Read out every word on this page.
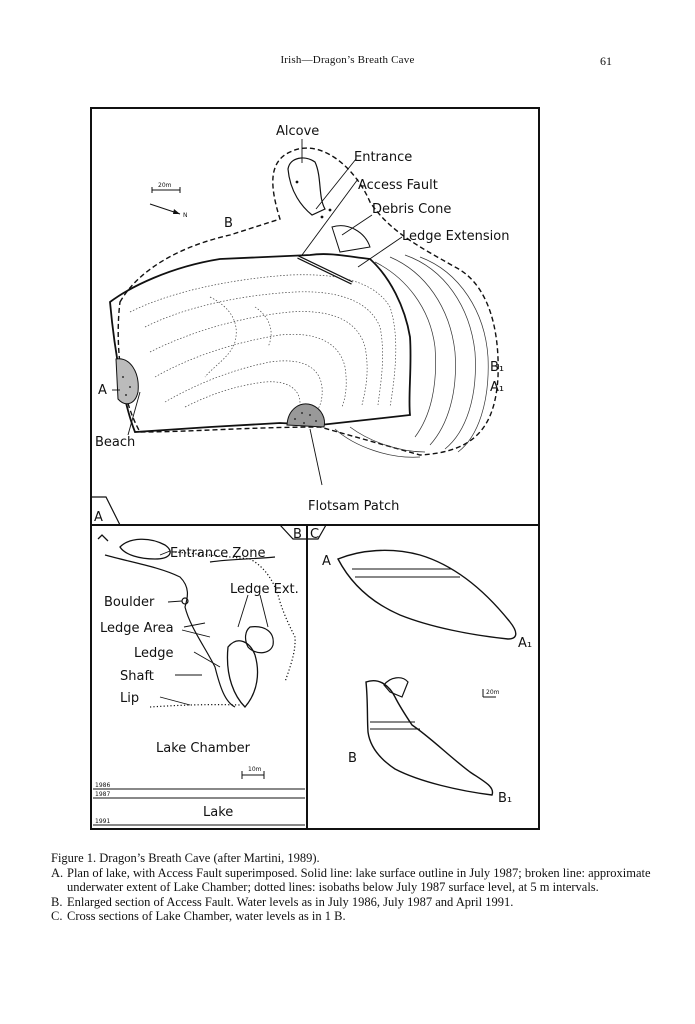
Irish—Dragon’s Breath Cave	61
20m
N
Alcove
Entrance
Access Fault
Debris Cone
Ledge Extension
B
B₁
A₁
A
Beach
Flotsam Patch
A
B
Entrance Zone
Ledge Ext.
Boulder
Ledge Area
Ledge
Shaft
Lip
Lake Chamber
10m
1986
1987
1991
Lake
C
A
A₁
B
B₁
20m

Figure 1. Dragon’s Breath Cave (after Martini, 1989).

A. Plan of lake, with Access Fault superimposed. Solid line: lake surface outline in July 1987; broken line: approximate underwater extent of Lake Chamber; dotted lines: isobaths below July 1987 surface level, at 5 m intervals.
B. Enlarged section of Access Fault. Water levels as in July 1986, July 1987 and April 1991.
C. Cross sections of Lake Chamber, water levels as in 1 B.
